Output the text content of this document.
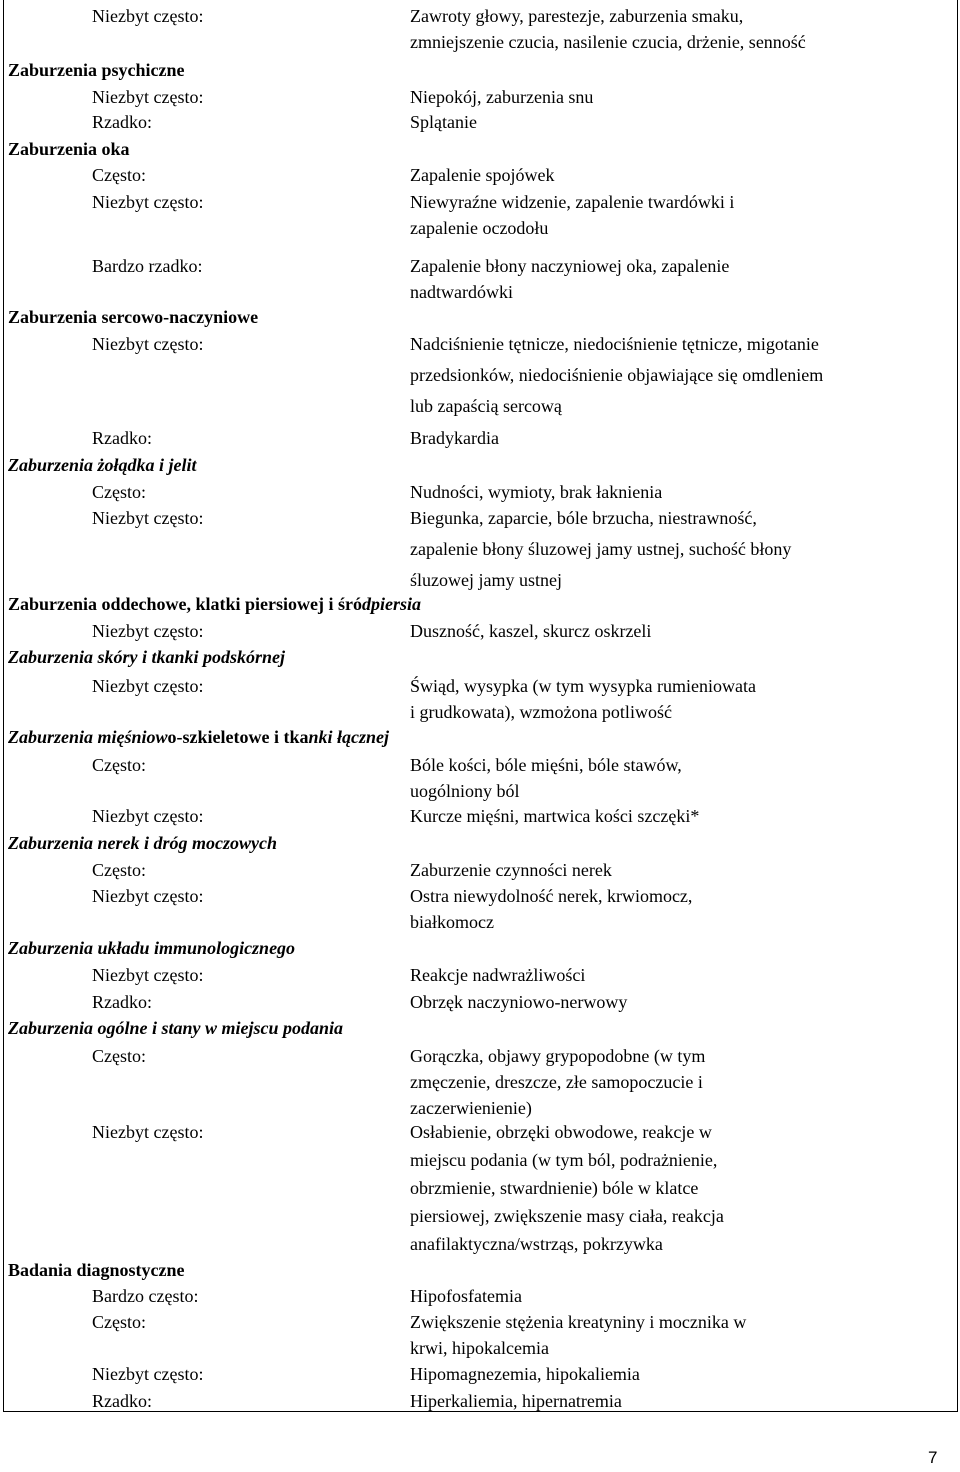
Niezbyt często:	Zawroty głowy, parestezje, zaburzenia smaku,
zmniejszenie czucia, nasilenie czucia, drżenie, senność
Zaburzenia psychiczne
Niezbyt często:	Niepokój, zaburzenia snu
Rzadko:	Splątanie
Zaburzenia oka
Często:	Zapalenie spojówek
Niezbyt często:	Niewyraźne widzenie, zapalenie twardówki i
zapalenie oczodołu
Bardzo rzadko:	Zapalenie błony naczyniowej oka, zapalenie
nadtwardówki
Zaburzenia sercowo-naczyniowe
Niezbyt często:	Nadciśnienie tętnicze, niedociśnienie tętnicze, migotanie
przedsionków, niedociśnienie objawiające się omdleniem
lub zapaścią sercową
Rzadko:	Bradykardia
Zaburzenia żołądka i jelit
Często:	Nudności, wymioty, brak łaknienia
Niezbyt często:	Biegunka, zaparcie, bóle brzucha, niestrawność,
zapalenie błony śluzowej jamy ustnej, suchość błony
śluzowej jamy ustnej
Zaburzenia oddechowe, klatki piersiowej i śródpiersia
Niezbyt często:	Duszność, kaszel, skurcz oskrzeli
Zaburzenia skóry i tkanki podskórnej
Niezbyt często:	Świąd, wysypka (w tym wysypka rumieniowata
i grudkowata), wzmożona potliwość
Zaburzenia mięśniowo-szkieletowe i tkanki łącznej
Często:	Bóle kości, bóle mięśni, bóle stawów,
uogólniony ból
Niezbyt często:	Kurcze mięśni, martwica kości szczęki*
Zaburzenia nerek i dróg moczowych
Często:	Zaburzenie czynności nerek
Niezbyt często:	Ostra niewydolność nerek, krwiomocz,
białkomocz
Zaburzenia układu immunologicznego
Niezbyt często:	Reakcje nadwrażliwości
Rzadko:	Obrzęk naczyniowo-nerwowy
Zaburzenia ogólne i stany w miejscu podania
Często:	Gorączka, objawy grypopodobne (w tym
zmęczenie, dreszcze, złe samopoczucie i
zaczerwienienie)
Niezbyt często:	Osłabienie, obrzęki obwodowe, reakcje w
miejscu podania (w tym ból, podrażnienie,
obrzmienie, stwardnienie) bóle w klatce
piersiowej, zwiększenie masy ciała, reakcja
anafilaktyczna/wstrząs, pokrzywka
Badania diagnostyczne
Bardzo często:	Hipofosfatemia
Często:	Zwiększenie stężenia kreatyniny i mocznika w
krwi, hipokalcemia
Niezbyt często:	Hipomagnezemia, hipokaliemia
Rzadko:	Hiperkaliemia, hipernatremia
7
